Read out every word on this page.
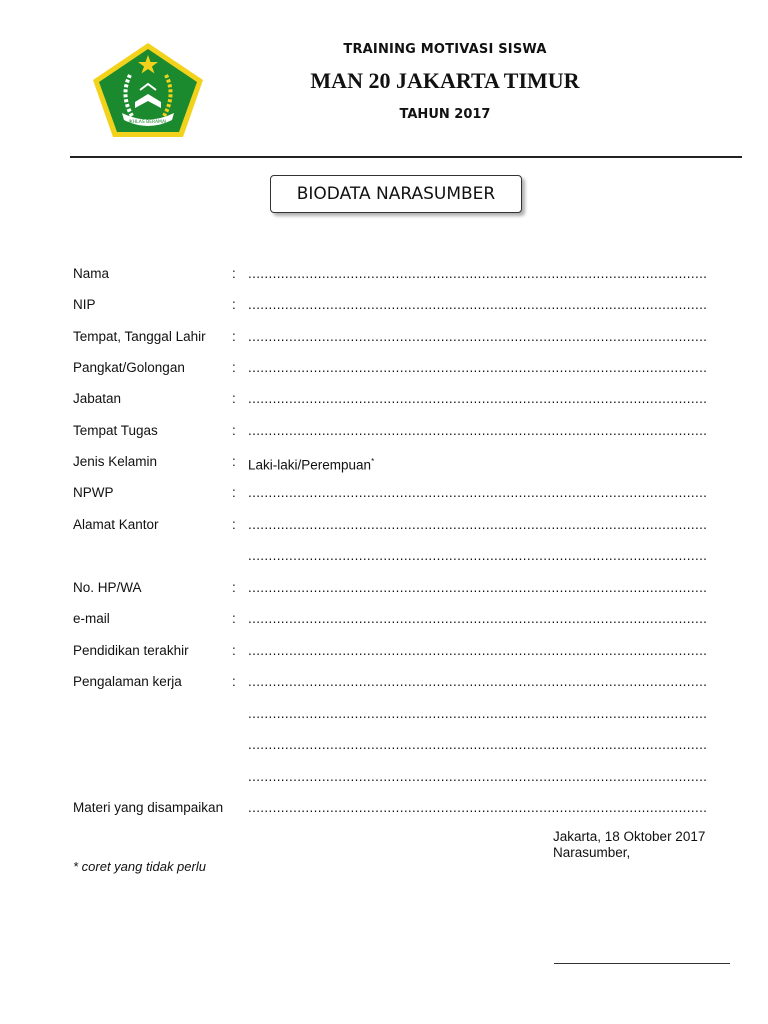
IKHLAS BERAMAL
TRAINING MOTIVASI SISWA
MAN 20 JAKARTA TIMUR
TAHUN 2017
BIODATA NARASUMBER
Nama	: ................................................................................................................
NIP	: ................................................................................................................
Tempat, Tanggal Lahir : ................................................................................................................
Pangkat/Golongan	: ................................................................................................................
Jabatan	: ................................................................................................................
Tempat Tugas	: ................................................................................................................
Jenis Kelamin	: Laki-laki/Perempuan*
NPWP	: ................................................................................................................
Alamat Kantor	: ................................................................................................................
................................................................................................................
No. HP/WA	: ................................................................................................................
e-mail	: ................................................................................................................
Pendidikan terakhir	: ................................................................................................................
Pengalaman kerja	: ................................................................................................................
................................................................................................................
................................................................................................................
................................................................................................................
Materi yang disampaikan ................................................................................................................
Jakarta, 18 Oktober 2017
Narasumber,
* coret yang tidak perlu
